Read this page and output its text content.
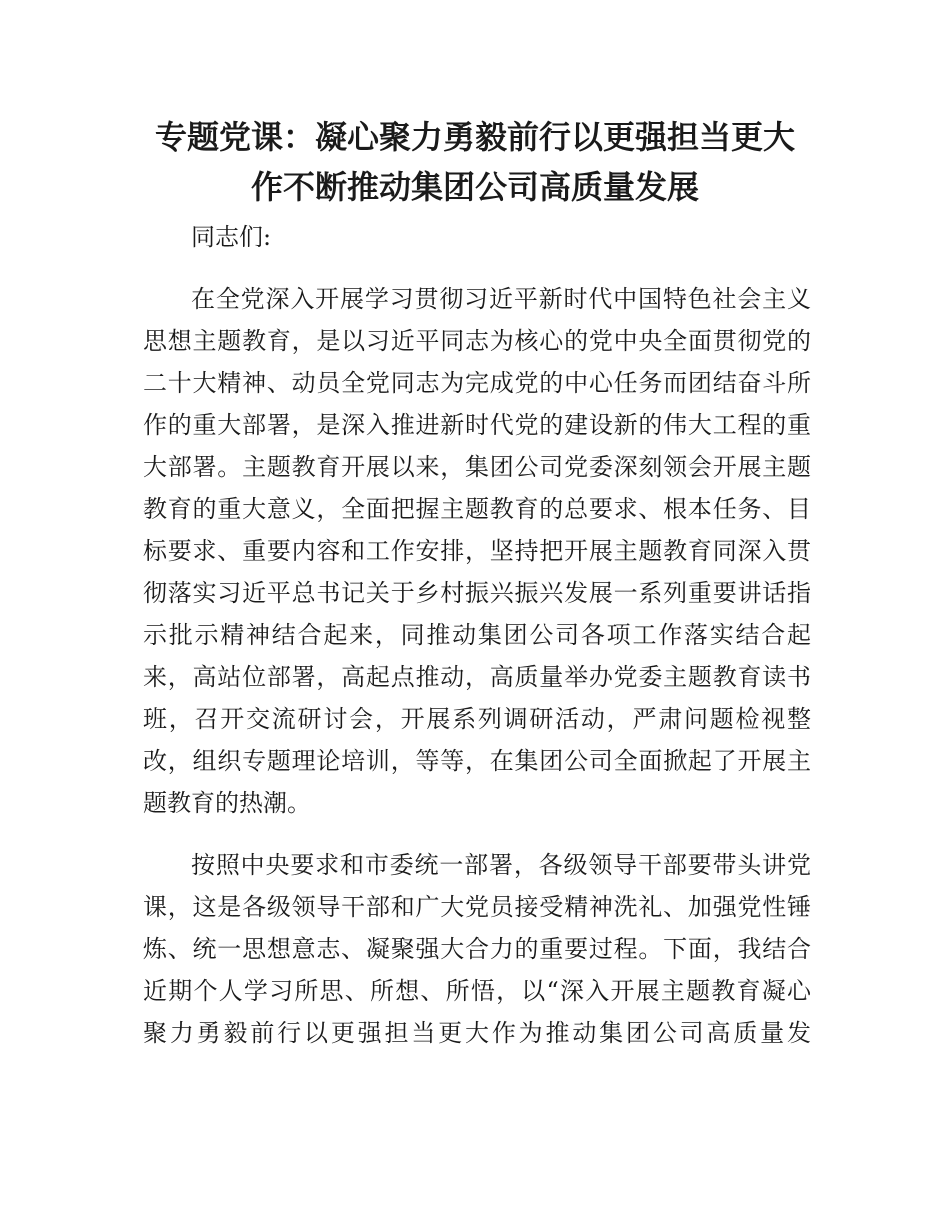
专题党课：凝心聚力勇毅前行以更强担当更大
作不断推动集团公司高质量发展

同志们:

在全党深入开展学习贯彻习近平新时代中国特色社会主义
思想主题教育，是以习近平同志为核心的党中央全面贯彻党的
二十大精神、动员全党同志为完成党的中心任务而团结奋斗所
作的重大部署，是深入推进新时代党的建设新的伟大工程的重
大部署。主题教育开展以来，集团公司党委深刻领会开展主题
教育的重大意义，全面把握主题教育的总要求、根本任务、目
标要求、重要内容和工作安排，坚持把开展主题教育同深入贯
彻落实习近平总书记关于乡村振兴振兴发展一系列重要讲话指
示批示精神结合起来，同推动集团公司各项工作落实结合起
来，高站位部署，高起点推动，高质量举办党委主题教育读书
班，召开交流研讨会，开展系列调研活动，严肃问题检视整
改，组织专题理论培训，等等，在集团公司全面掀起了开展主
题教育的热潮。

按照中央要求和市委统一部署，各级领导干部要带头讲党
课，这是各级领导干部和广大党员接受精神洗礼、加强党性锤
炼、统一思想意志、凝聚强大合力的重要过程。下面，我结合
近期个人学习所思、所想、所悟，以“深入开展主题教育凝心
聚力勇毅前行以更强担当更大作为推动集团公司高质量发
